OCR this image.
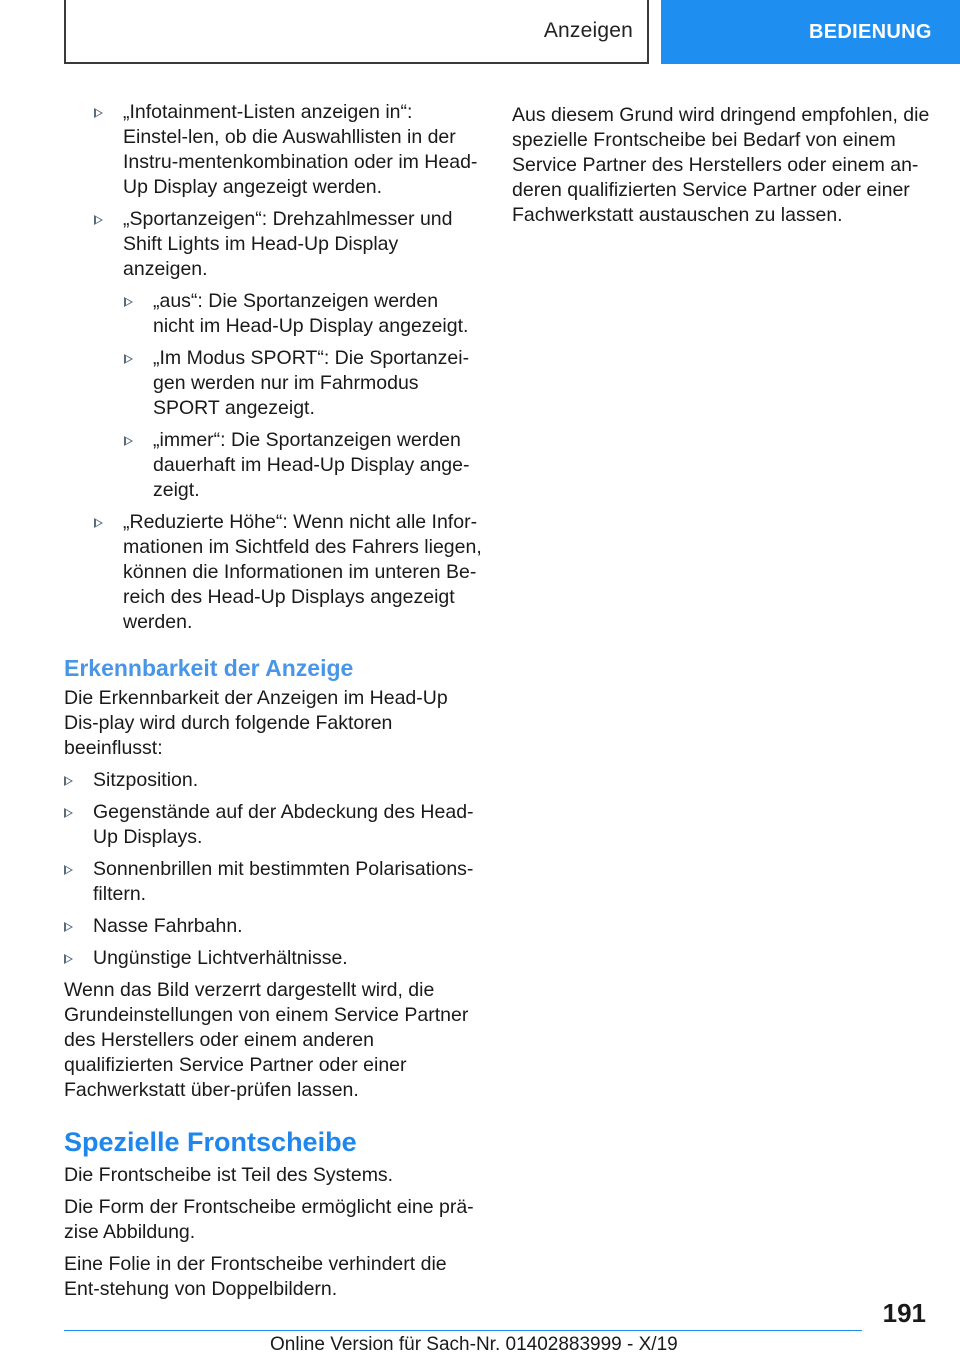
Anzeigen	BEDIENUNG
„Infotainment-Listen anzeigen in“: Einstel-len, ob die Auswahllisten in der Instru-mentenkombination oder im Head-Up Display angezeigt werden.
„Sportanzeigen“: Drehzahlmesser und Shift Lights im Head-Up Display anzeigen.
„aus“: Die Sportanzeigen werden nicht im Head-Up Display angezeigt.
„Im Modus SPORT“: Die Sportanzei-gen werden nur im Fahrmodus SPORT angezeigt.
„immer“: Die Sportanzeigen werden dauerhaft im Head-Up Display ange-zeigt.
„Reduzierte Höhe“: Wenn nicht alle Infor-mationen im Sichtfeld des Fahrers liegen, können die Informationen im unteren Be-reich des Head-Up Displays angezeigt werden.
Erkennbarkeit der Anzeige

Die Erkennbarkeit der Anzeigen im Head-Up Dis-play wird durch folgende Faktoren beeinflusst:

Sitzposition.
Gegenstände auf der Abdeckung des Head-Up Displays.
Sonnenbrillen mit bestimmten Polarisations-filtern.
Nasse Fahrbahn.
Ungünstige Lichtverhältnisse.

Wenn das Bild verzerrt dargestellt wird, die Grundeinstellungen von einem Service Partner des Herstellers oder einem anderen qualifizierten Service Partner oder einer Fachwerkstatt über-prüfen lassen.

Spezielle Frontscheibe

Die Frontscheibe ist Teil des Systems.

Die Form der Frontscheibe ermöglicht eine prä-zise Abbildung.

Eine Folie in der Frontscheibe verhindert die Ent-stehung von Doppelbildern.

Aus diesem Grund wird dringend empfohlen, die spezielle Frontscheibe bei Bedarf von einem Service Partner des Herstellers oder einem an-deren qualifizierten Service Partner oder einer Fachwerkstatt austauschen zu lassen.

191
Online Version für Sach-Nr. 01402883999 - X/19
